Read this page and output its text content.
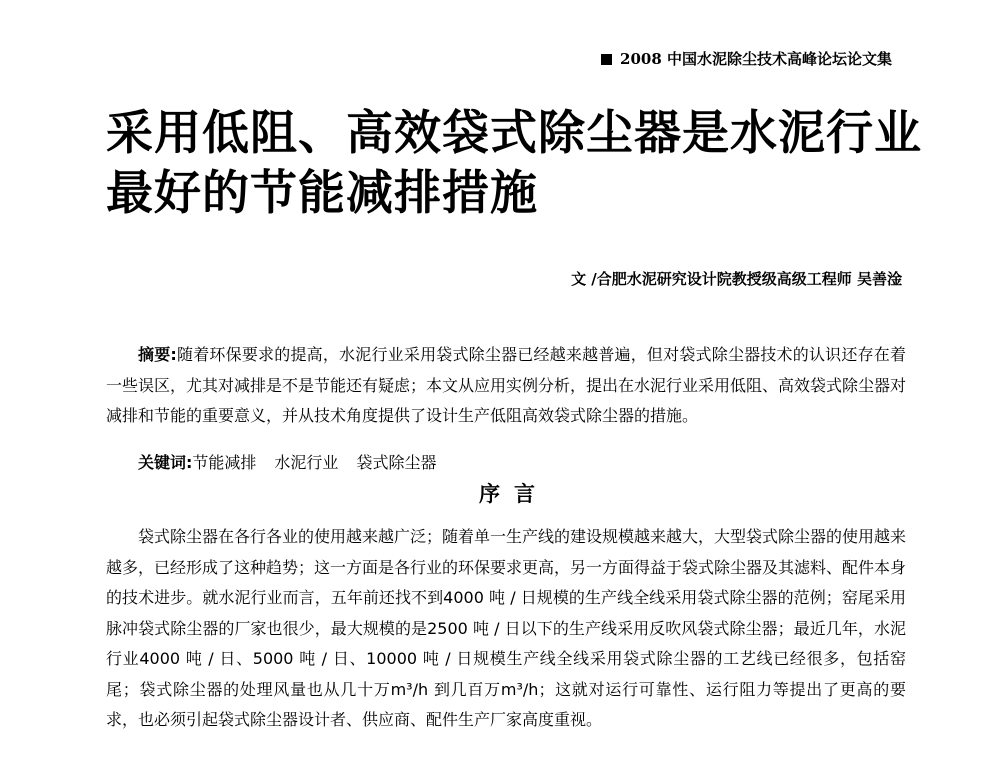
2008 中国水泥除尘技术高峰论坛论文集
采用低阻、高效袋式除尘器是水泥行业最好的节能减排措施
文 /合肥水泥研究设计院教授级高级工程师 吴善淦

摘要:随着环保要求的提高，水泥行业采用袋式除尘器已经越来越普遍，但对袋式除尘器技术的认识还存在着一些误区，尤其对减排是不是节能还有疑虑；本文从应用实例分析，提出在水泥行业采用低阻、高效袋式除尘器对减排和节能的重要意义，并从技术角度提供了设计生产低阻高效袋式除尘器的措施。

关键词:节能减排 水泥行业 袋式除尘器

序言

袋式除尘器在各行各业的使用越来越广泛；随着单一生产线的建设规模越来越大，大型袋式除尘器的使用越来越多，已经形成了这种趋势；这一方面是各行业的环保要求更高，另一方面得益于袋式除尘器及其滤料、配件本身的技术进步。就水泥行业而言，五年前还找不到4000 吨 / 日规模的生产线全线采用袋式除尘器的范例；窑尾采用脉冲袋式除尘器的厂家也很少，最大规模的是2500 吨 / 日以下的生产线采用反吹风袋式除尘器；最近几年，水泥行业4000 吨 / 日、5000 吨 / 日、10000 吨 / 日规模生产线全线采用袋式除尘器的工艺线已经很多，包括窑尾；袋式除尘器的处理风量也从几十万m³/h 到几百万m³/h；这就对运行可靠性、运行阻力等提出了更高的要求，也必须引起袋式除尘器设计者、供应商、配件生产厂家高度重视。
